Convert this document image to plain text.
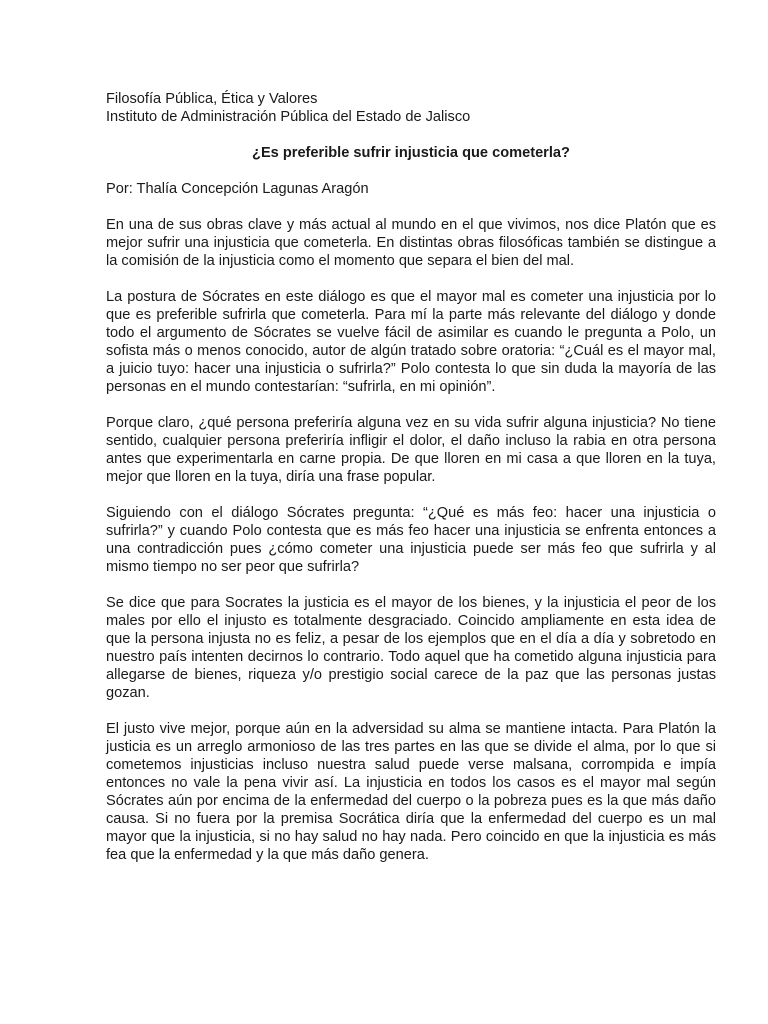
Filosofía Pública, Ética y Valores

Instituto de Administración Pública del Estado de Jalisco

¿Es preferible sufrir injusticia que cometerla?

Por: Thalía Concepción Lagunas Aragón

En una de sus obras clave y más actual al mundo en el que vivimos, nos dice Platón que es mejor sufrir una injusticia que cometerla. En distintas obras filosóficas también se distingue a la comisión de la injusticia como el momento que separa el bien del mal.

La postura de Sócrates en este diálogo es que el mayor mal es cometer una injusticia por lo que es preferible sufrirla que cometerla. Para mí la parte más relevante del diálogo y donde todo el argumento de Sócrates se vuelve fácil de asimilar es cuando le pregunta a Polo, un sofista más o menos conocido, autor de algún tratado sobre oratoria: “¿Cuál es el mayor mal, a juicio tuyo: hacer una injusticia o sufrirla?” Polo contesta lo que sin duda la mayoría de las personas en el mundo contestarían: “sufrirla, en mi opinión”.

Porque claro, ¿qué persona preferiría alguna vez en su vida sufrir alguna injusticia? No tiene sentido, cualquier persona preferiría infligir el dolor, el daño incluso la rabia en otra persona antes que experimentarla en carne propia. De que lloren en mi casa a que lloren en la tuya, mejor que lloren en la tuya, diría una frase popular.

Siguiendo con el diálogo Sócrates pregunta: “¿Qué es más feo: hacer una injusticia o sufrirla?” y cuando Polo contesta que es más feo hacer una injusticia se enfrenta entonces a una contradicción pues ¿cómo cometer una injusticia puede ser más feo que sufrirla y al mismo tiempo no ser peor que sufrirla?

Se dice que para Socrates la justicia es el mayor de los bienes, y la injusticia el peor de los males por ello el injusto es totalmente desgraciado. Coincido ampliamente en esta idea de que la persona injusta no es feliz, a pesar de los ejemplos que en el día a día y sobretodo en nuestro país intenten decirnos lo contrario. Todo aquel que ha cometido alguna injusticia para allegarse de bienes, riqueza y/o prestigio social carece de la paz que las personas justas gozan.

El justo vive mejor, porque aún en la adversidad su alma se mantiene intacta. Para Platón la justicia es un arreglo armonioso de las tres partes en las que se divide el alma, por lo que si cometemos injusticias incluso nuestra salud puede verse malsana, corrompida e impía entonces no vale la pena vivir así. La injusticia en todos los casos es el mayor mal según Sócrates aún por encima de la enfermedad del cuerpo o la pobreza pues es la que más daño causa. Si no fuera por la premisa Socrática diría que la enfermedad del cuerpo es un mal mayor que la injusticia, si no hay salud no hay nada. Pero coincido en que la injusticia es más fea que la enfermedad y la que más daño genera.
